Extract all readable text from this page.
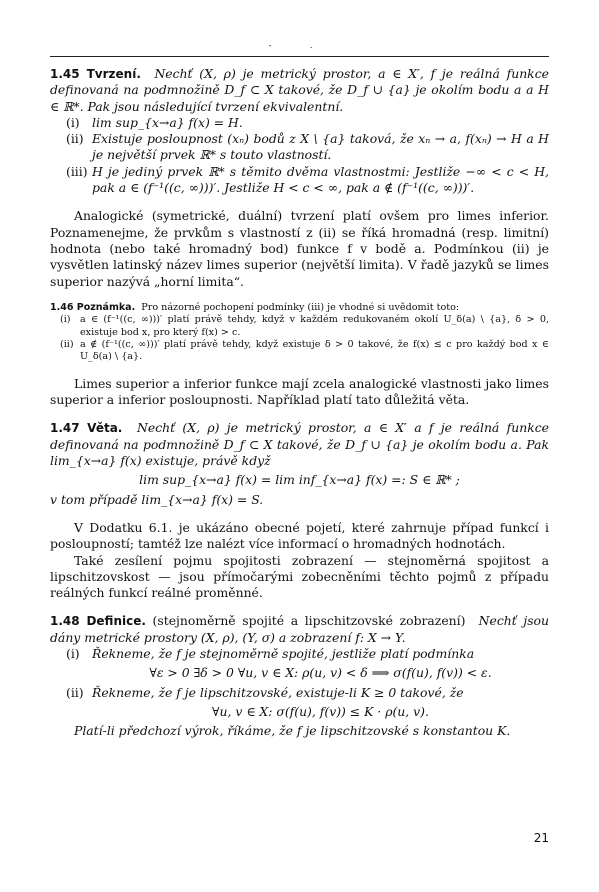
- .

1.45 Tvrzení. Nechť (X, ρ) je metrický prostor, a ∈ X′, f je reálná funkce definovaná na podmnožině D_f ⊂ X takové, že D_f ∪ {a} je okolím bodu a a H ∈ ℝ*. Pak jsou následující tvrzení ekvivalentní.

(i) lim sup_{x→a} f(x) = H.
(ii) Existuje posloupnost (xₙ) bodů z X \ {a} taková, že xₙ → a, f(xₙ) → H a H je největší prvek ℝ* s touto vlastností.
(iii) H je jediný prvek ℝ* s těmito dvěma vlastnostmi: Jestliže −∞ < c < H, pak a ∈ (f⁻¹((c, ∞)))′. Jestliže H < c < ∞, pak a ∉ (f⁻¹((c, ∞)))′.

Analogické (symetrické, duální) tvrzení platí ovšem pro limes inferior. Poznamenejme, že prvkům s vlastností z (ii) se říká hromadná (resp. limitní) hodnota (nebo také hromadný bod) funkce f v bodě a. Podmínkou (ii) je vysvětlen latinský název limes superior (největší limita). V řadě jazyků se limes superior nazývá „horní limita“.

1.46 Poznámka. Pro názorné pochopení podmínky (iii) je vhodné si uvědomit toto:

(i) a ∈ (f⁻¹((c, ∞)))′ platí právě tehdy, když v každém redukovaném okolí U_δ(a) \ {a}, δ > 0, existuje bod x, pro který f(x) > c.
(ii) a ∉ (f⁻¹((c, ∞)))′ platí právě tehdy, když existuje δ > 0 takové, že f(x) ≤ c pro každý bod x ∈ U_δ(a) \ {a}.

Limes superior a inferior funkce mají zcela analogické vlastnosti jako limes superior a inferior posloupnosti. Například platí tato důležitá věta.

1.47 Věta. Nechť (X, ρ) je metrický prostor, a ∈ X′ a f je reálná funkce definovaná na podmnožině D_f ⊂ X takové, že D_f ∪ {a} je okolím bodu a. Pak lim_{x→a} f(x) existuje, právě když

lim sup_{x→a} f(x) = lim inf_{x→a} f(x) =: S ∈ ℝ* ;

v tom případě lim_{x→a} f(x) = S.

V Dodatku 6.1. je ukázáno obecné pojetí, které zahrnuje případ funkcí i posloupností; tamtéž lze nalézt více informací o hromadných hodnotách.

Také zesílení pojmu spojitosti zobrazení — stejnoměrná spojitost a lipschitzovskost — jsou přímočarými zobecněními těchto pojmů z případu reálných funkcí reálné proměnné.

1.48 Definice. (stejnoměrně spojité a lipschitzovské zobrazení) Nechť jsou dány metrické prostory (X, ρ), (Y, σ) a zobrazení f: X → Y.

(i) Řekneme, že f je stejnoměrně spojité, jestliže platí podmínka
∀ε > 0 ∃δ > 0 ∀u, v ∈ X: ρ(u, v) < δ ⟹ σ(f(u), f(v)) < ε.
(ii) Řekneme, že f je lipschitzovské, existuje-li K ≥ 0 takové, že
∀u, v ∈ X: σ(f(u), f(v)) ≤ K · ρ(u, v).

Platí-li předchozí výrok, říkáme, že f je lipschitzovské s konstantou K.

21
